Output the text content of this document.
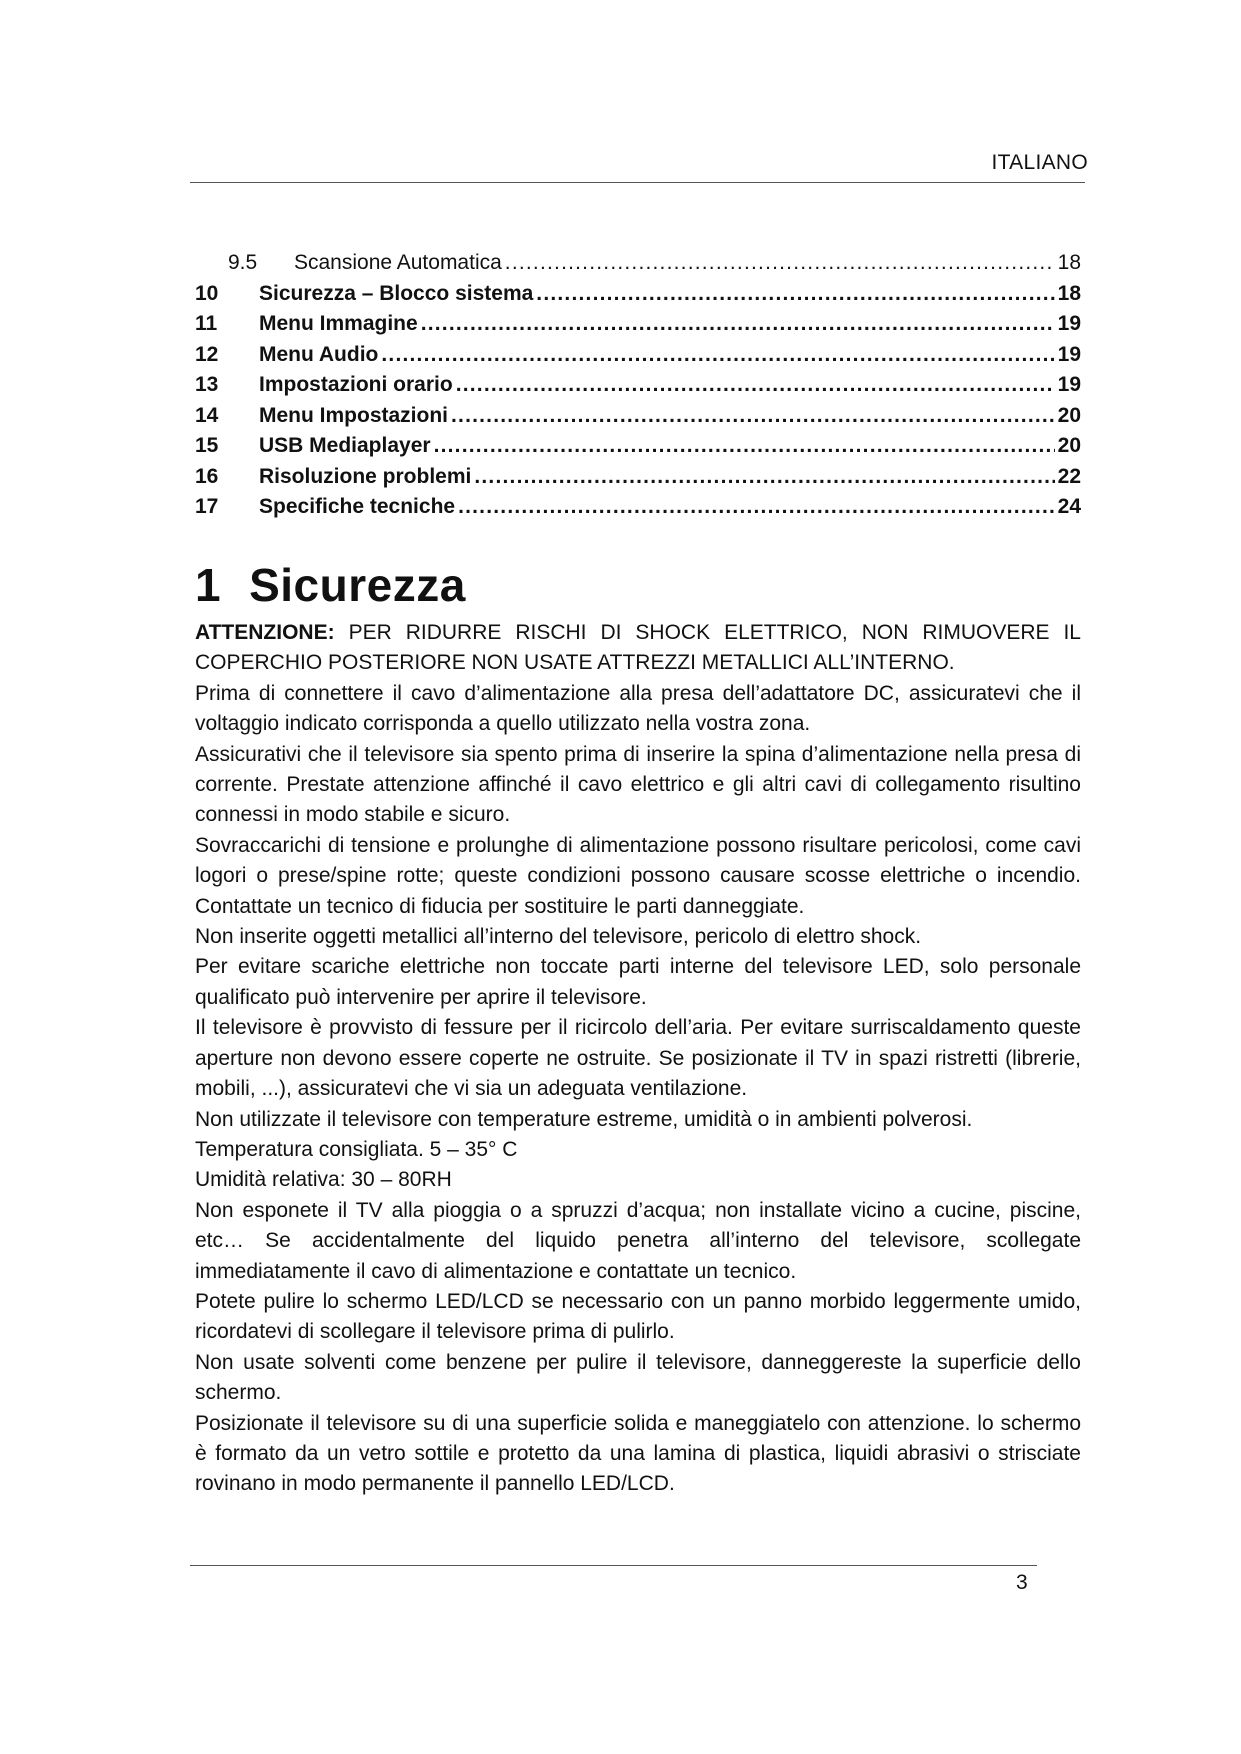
ITALIANO
9.5	Scansione Automatica .....	18
10	Sicurezza – Blocco sistema .....	18
11	Menu Immagine .....	19
12	Menu Audio .....	19
13	Impostazioni orario .....	19
14	Menu Impostazioni .....	20
15	USB Mediaplayer .....	20
16	Risoluzione problemi .....	22
17	Specifiche tecniche .....	24
1 Sicurezza

ATTENZIONE: PER RIDURRE RISCHI DI SHOCK ELETTRICO, NON RIMUOVERE IL COPERCHIO POSTERIORE NON USATE ATTREZZI METALLICI ALL’INTERNO.

Prima di connettere il cavo d’alimentazione alla presa dell’adattatore DC, assicuratevi che il voltaggio indicato corrisponda a quello utilizzato nella vostra zona.

Assicurativi che il televisore sia spento prima di inserire la spina d’alimentazione nella presa di corrente. Prestate attenzione affinché il cavo elettrico e gli altri cavi di collegamento risultino connessi in modo stabile e sicuro.

Sovraccarichi di tensione e prolunghe di alimentazione possono risultare pericolosi, come cavi logori o prese/spine rotte; queste condizioni possono causare scosse elettriche o incendio. Contattate un tecnico di fiducia per sostituire le parti danneggiate.

Non inserite oggetti metallici all’interno del televisore, pericolo di elettro shock.

Per evitare scariche elettriche non toccate parti interne del televisore LED, solo personale qualificato può intervenire per aprire il televisore.

Il televisore è provvisto di fessure per il ricircolo dell’aria. Per evitare surriscaldamento queste aperture non devono essere coperte ne ostruite. Se posizionate il TV in spazi ristretti (librerie, mobili, ...), assicuratevi che vi sia un adeguata ventilazione.

Non utilizzate il televisore con temperature estreme, umidità o in ambienti polverosi.

Temperatura consigliata. 5 – 35° C

Umidità relativa: 30 – 80RH

Non esponete il TV alla pioggia o a spruzzi d’acqua; non installate vicino a cucine, piscine, etc… Se accidentalmente del liquido penetra all’interno del televisore, scollegate immediatamente il cavo di alimentazione e contattate un tecnico.

Potete pulire lo schermo LED/LCD se necessario con un panno morbido leggermente umido, ricordatevi di scollegare il televisore prima di pulirlo.

Non usate solventi come benzene per pulire il televisore, danneggereste la superficie dello schermo.

Posizionate il televisore su di una superficie solida e maneggiatelo con attenzione. lo schermo è formato da un vetro sottile e protetto da una lamina di plastica, liquidi abrasivi o strisciate rovinano in modo permanente il pannello LED/LCD.

3
